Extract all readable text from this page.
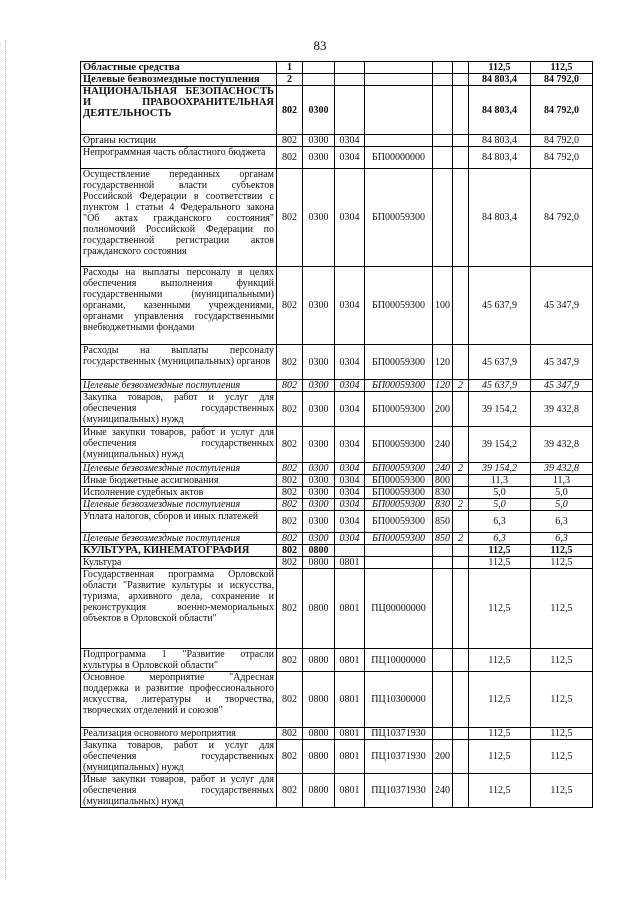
83
Областные средства	1						112,5	112,5
Целевые безвозмездные поступления	2						84 803,4	84 792,0
НАЦИОНАЛЬНАЯ БЕЗОПАСНОСТЬ И ПРАВООХРАНИТЕЛЬНАЯ ДЕЯТЕЛЬНОСТЬ	802	0300					84 803,4	84 792,0
Органы юстиции	802	0300	0304				84 803,4	84 792,0
Непрограммная часть областного бюджета	802	0300	0304	БП00000000			84 803,4	84 792,0
Осуществление переданных органам государственной власти субъектов Российской Федерации в соответствии с пунктом 1 статьи 4 Федерального закона "Об актах гражданского состояния" полномочий Российской Федерации по государственной регистрации актов гражданского состояния	802	0300	0304	БП00059300			84 803,4	84 792,0
Расходы на выплаты персоналу в целях обеспечения выполнения функций государственными (муниципальными) органами, казенными учреждениями, органами управления государственными внебюджетными фондами	802	0300	0304	БП00059300	100		45 637,9	45 347,9
Расходы на выплаты персоналу государственных (муниципальных) органов	802	0300	0304	БП00059300	120		45 637,9	45 347,9
Целевые безвозмездные поступления	802	0300	0304	БП00059300	120	2	45 637,9	45 347,9
Закупка товаров, работ и услуг для обеспечения государственных (муниципальных) нужд	802	0300	0304	БП00059300	200		39 154,2	39 432,8
Иные закупки товаров, работ и услуг для обеспечения государственных (муниципальных) нужд	802	0300	0304	БП00059300	240		39 154,2	39 432,8
Целевые безвозмездные поступления	802	0300	0304	БП00059300	240	2	39 154,2	39 432,8
Иные бюджетные ассигнования	802	0300	0304	БП00059300	800		11,3	11,3
Исполнение судебных актов	802	0300	0304	БП00059300	830		5,0	5,0
Целевые безвозмездные поступления	802	0300	0304	БП00059300	830	2	5,0	5,0
Уплата налогов, сборов и иных платежей	802	0300	0304	БП00059300	850		6,3	6,3
Целевые безвозмездные поступления	802	0300	0304	БП00059300	850	2	6,3	6,3
КУЛЬТУРА, КИНЕМАТОГРАФИЯ	802	0800					112,5	112,5
Культура	802	0800	0801				112,5	112,5
Государственная программа Орловской области "Развитие культуры и искусства, туризма, архивного дела, сохранение и реконструкция военно-мемориальных объектов в Орловской области"	802	0800	0801	ПЦ00000000			112,5	112,5
Подпрограмма 1 "Развитие отрасли культуры в Орловской области"	802	0800	0801	ПЦ10000000			112,5	112,5
Основное мероприятие "Адресная поддержка и развитие профессионального искусства, литературы и творчества, творческих отделений и союзов"	802	0800	0801	ПЦ10300000			112,5	112,5
Реализация основного мероприятия	802	0800	0801	ПЦ10371930			112,5	112,5
Закупка товаров, работ и услуг для обеспечения государственных (муниципальных) нужд	802	0800	0801	ПЦ10371930	200		112,5	112,5
Иные закупки товаров, работ и услуг для обеспечения государственных (муниципальных) нужд	802	0800	0801	ПЦ10371930	240		112,5	112,5
